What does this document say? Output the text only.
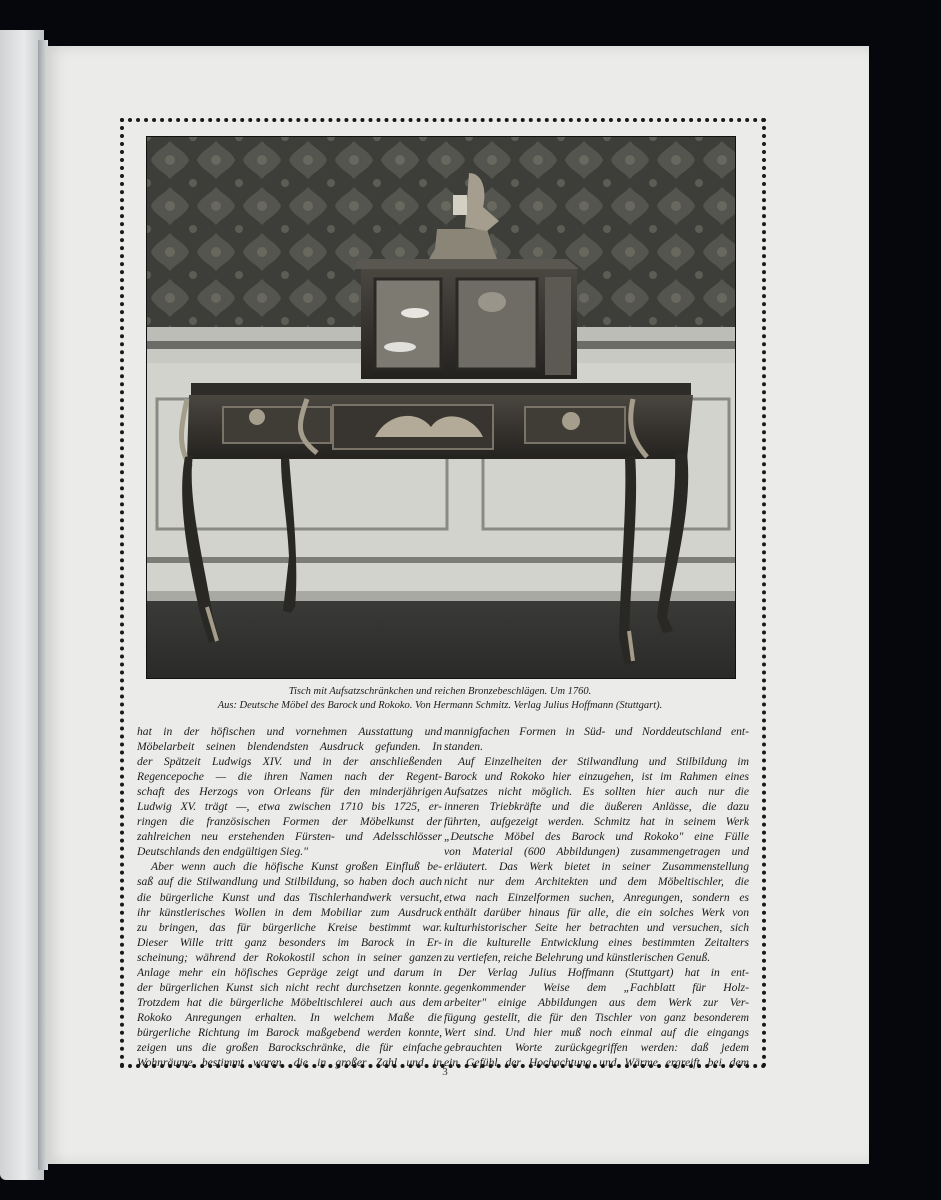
Tisch mit Aufsatzschränkchen und reichen Bronzebeschlägen. Um 1760.
Aus: Deutsche Möbel des Barock und Rokoko. Von Hermann Schmitz. Verlag Julius Hoffmann (Stuttgart).
hat in der höfischen und vornehmen Ausstattung und
Möbelarbeit seinen blendendsten Ausdruck gefunden. In
der Spätzeit Ludwigs XIV. und in der anschließenden
Regencepoche — die ihren Namen nach der Regent-
schaft des Herzogs von Orleans für den minderjährigen
Ludwig XV. trägt —, etwa zwischen 1710 bis 1725, er-
ringen die französischen Formen der Möbelkunst der
zahlreichen neu erstehenden Fürsten- und Adelsschlösser
Deutschlands den endgültigen Sieg."
Aber wenn auch die höfische Kunst großen Einfluß be-
saß auf die Stilwandlung und Stilbildung, so haben doch auch
die bürgerliche Kunst und das Tischlerhandwerk versucht,
ihr künstlerisches Wollen in dem Mobiliar zum Ausdruck
zu bringen, das für bürgerliche Kreise bestimmt war.
Dieser Wille tritt ganz besonders im Barock in Er-
scheinung; während der Rokokostil schon in seiner ganzen
Anlage mehr ein höfisches Gepräge zeigt und darum in
der bürgerlichen Kunst sich nicht recht durchsetzen konnte.
Trotzdem hat die bürgerliche Möbeltischlerei auch aus dem
Rokoko Anregungen erhalten. In welchem Maße die
bürgerliche Richtung im Barock maßgebend werden konnte,
zeigen uns die großen Barockschränke, die für einfache
Wohnräume bestimmt waren, die in großer Zahl und in
mannigfachen Formen in Süd- und Norddeutschland ent-
standen.
Auf Einzelheiten der Stilwandlung und Stilbildung im
Barock und Rokoko hier einzugehen, ist im Rahmen eines
Aufsatzes nicht möglich. Es sollten hier auch nur die
inneren Triebkräfte und die äußeren Anlässe, die dazu
führten, aufgezeigt werden. Schmitz hat in seinem Werk
„Deutsche Möbel des Barock und Rokoko" eine Fülle
von Material (600 Abbildungen) zusammengetragen und
erläutert. Das Werk bietet in seiner Zusammenstellung
nicht nur dem Architekten und dem Möbeltischler, die
etwa nach Einzelformen suchen, Anregungen, sondern es
enthält darüber hinaus für alle, die ein solches Werk von
kulturhistorischer Seite her betrachten und versuchen, sich
in die kulturelle Entwicklung eines bestimmten Zeitalters
zu vertiefen, reiche Belehrung und künstlerischen Genuß.
Der Verlag Julius Hoffmann (Stuttgart) hat in ent-
gegenkommender Weise dem „Fachblatt für Holz-
arbeiter" einige Abbildungen aus dem Werk zur Ver-
fügung gestellt, die für den Tischler von ganz besonderem
Wert sind. Und hier muß noch einmal auf die eingangs
gebrauchten Worte zurückgegriffen werden: daß jedem
ein Gefühl der Hochachtung und Wärme ergreift bei dem
3
